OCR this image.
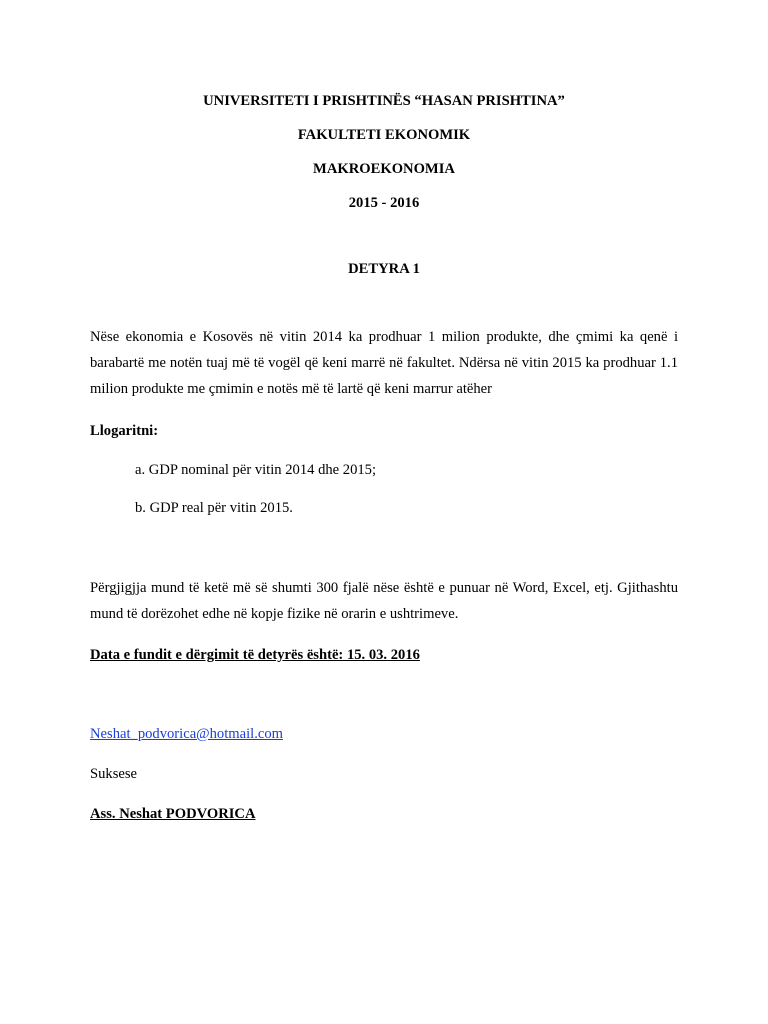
UNIVERSITETI I PRISHTINËS “HASAN PRISHTINA”
FAKULTETI EKONOMIK
MAKROEKONOMIA
2015 - 2016
DETYRA 1
Nëse ekonomia e Kosovës në vitin 2014 ka prodhuar 1 milion produkte, dhe çmimi ka qenë i barabartë me notën tuaj më të vogël që keni marrë në fakultet. Ndërsa në vitin 2015 ka prodhuar 1.1 milion produkte me çmimin e notës më të lartë që keni marrur atëher
Llogaritni:
a. GDP nominal për vitin 2014 dhe 2015;
b. GDP real për vitin 2015.
Përgjigjja mund të ketë më së shumti 300 fjalë nëse është e punuar në Word, Excel, etj. Gjithashtu mund të dorëzohet edhe në kopje fizike në orarin e ushtrimeve.
Data e fundit e dërgimit të detyrës është: 15. 03. 2016
Neshat_podvorica@hotmail.com
Suksese
Ass. Neshat PODVORICA
